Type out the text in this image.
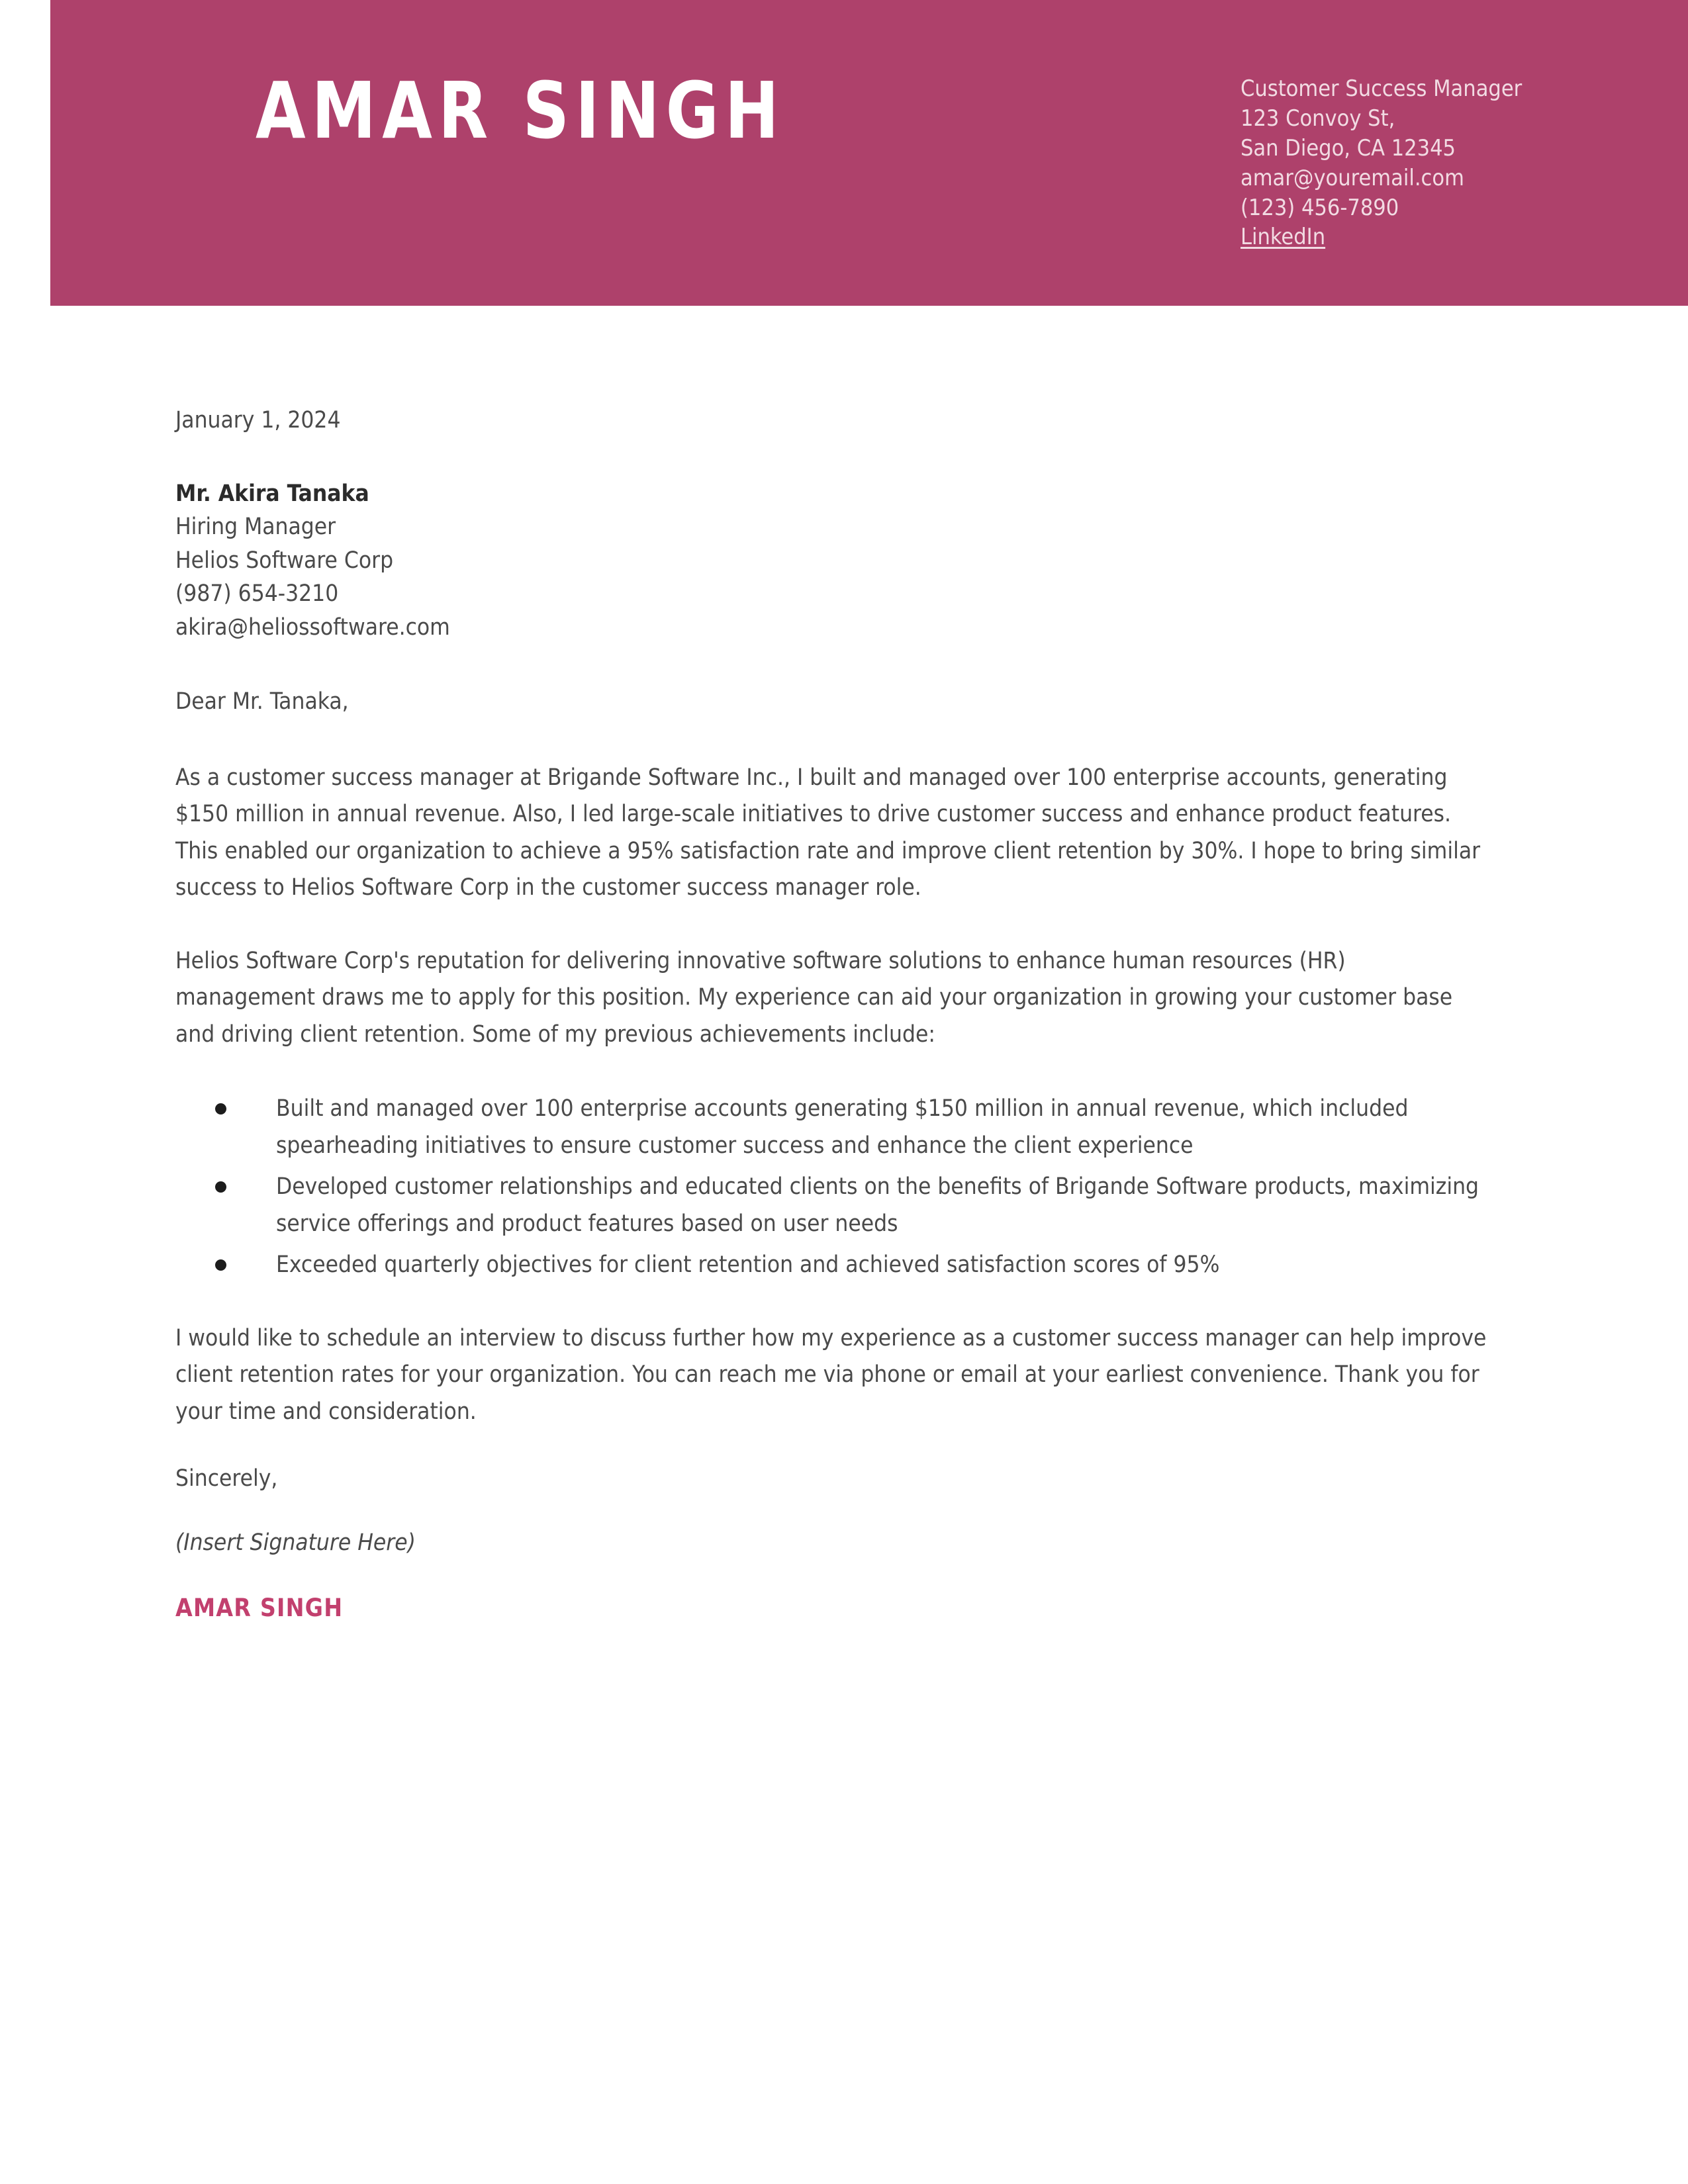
AMAR SINGH	Customer Success Manager
123 Convoy St,
San Diego, CA 12345
amar@youremail.com
(123) 456-7890
LinkedIn
January 1, 2024
Mr. Akira Tanaka
Hiring Manager
Helios Software Corp
(987) 654-3210
akira@heliossoftware.com
Dear Mr. Tanaka,

As a customer success manager at Brigande Software Inc., I built and managed over 100 enterprise accounts, generating $150 million in annual revenue. Also, I led large-scale initiatives to drive customer success and enhance product features. This enabled our organization to achieve a 95% satisfaction rate and improve client retention by 30%. I hope to bring similar success to Helios Software Corp in the customer success manager role.

Helios Software Corp's reputation for delivering innovative software solutions to enhance human resources (HR) management draws me to apply for this position. My experience can aid your organization in growing your customer base and driving client retention. Some of my previous achievements include:

Built and managed over 100 enterprise accounts generating $150 million in annual revenue, which included spearheading initiatives to ensure customer success and enhance the client experience
Developed customer relationships and educated clients on the benefits of Brigande Software products, maximizing service offerings and product features based on user needs
Exceeded quarterly objectives for client retention and achieved satisfaction scores of 95%

I would like to schedule an interview to discuss further how my experience as a customer success manager can help improve client retention rates for your organization. You can reach me via phone or email at your earliest convenience. Thank you for your time and consideration.

Sincerely,
(Insert Signature Here)
AMAR SINGH
